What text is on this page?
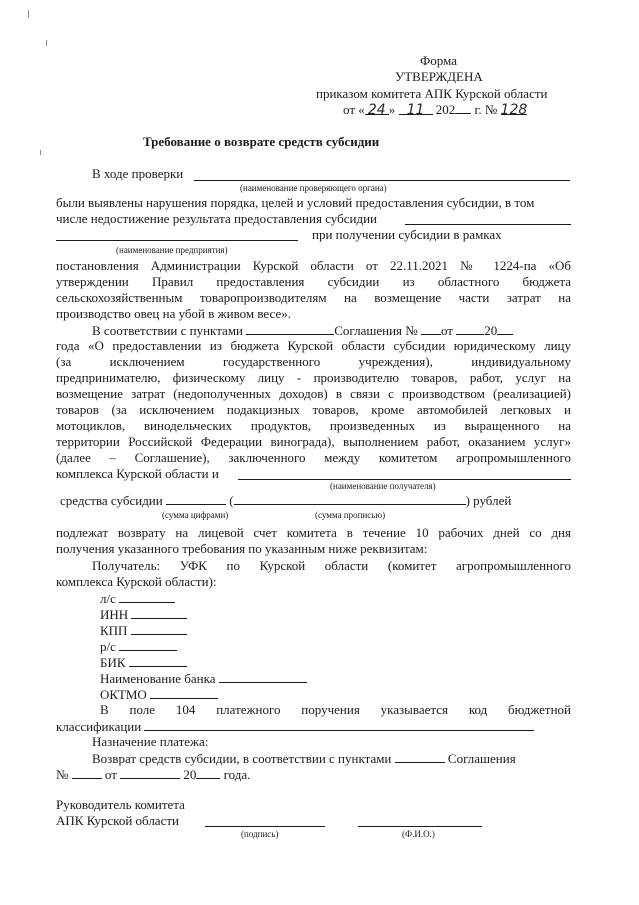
Форма
УТВЕРЖДЕНА
приказом комитета АПК Курской области
от « 24 » 11 202 г. № 128
Требование о возврате средств субсидии
В ходе проверки
(наименование проверяющего органа)
были выявлены нарушения порядка, целей и условий предоставления субсидии, в том
числе недостижение результата предоставления субсидии
при получении субсидии в рамках
(наименование предприятия)
постановления Администрации Курской области от 22.11.2021 № 1224-па «Об
утверждении Правил предоставления субсидии из областного бюджета
сельскохозяйственным товаропроизводителям на возмещение части затрат на
производство овец на убой в живом весе».
В соответствии с пунктами	Соглашения № от 20
года «О предоставлении из бюджета Курской области субсидии юридическому лицу
(за исключением государственного учреждения), индивидуальному
предпринимателю, физическому лицу - производителю товаров, работ, услуг на
возмещение затрат (недополученных доходов) в связи с производством (реализацией)
товаров (за исключением подакцизных товаров, кроме автомобилей легковых и
мотоциклов, винодельческих продуктов, произведенных из выращенного на
территории Российской Федерации винограда), выполнением работ, оказанием услуг»
(далее – Соглашение), заключенного между комитетом агропромышленного
комплекса Курской области и
(наименование получателя)
средства субсидии	(	) рублей
(сумма цифрами)	(сумма прописью)
подлежат возврату на лицевой счет комитета в течение 10 рабочих дней со дня
получения указанного требования по указанным ниже реквизитам:
Получатель: УФК по Курской области (комитет агропромышленного
комплекса Курской области):
л/с
ИНН
КПП
р/с
БИК
Наименование банка
ОКТМО
В поле 104 платежного поручения указывается код бюджетной
классификации
Назначение платежа:
Возврат средств субсидии, в соответствии с пунктами	Соглашения
№	от	20 года.
Руководитель комитета
АПК Курской области
(подпись)	(Ф.И.О.)
